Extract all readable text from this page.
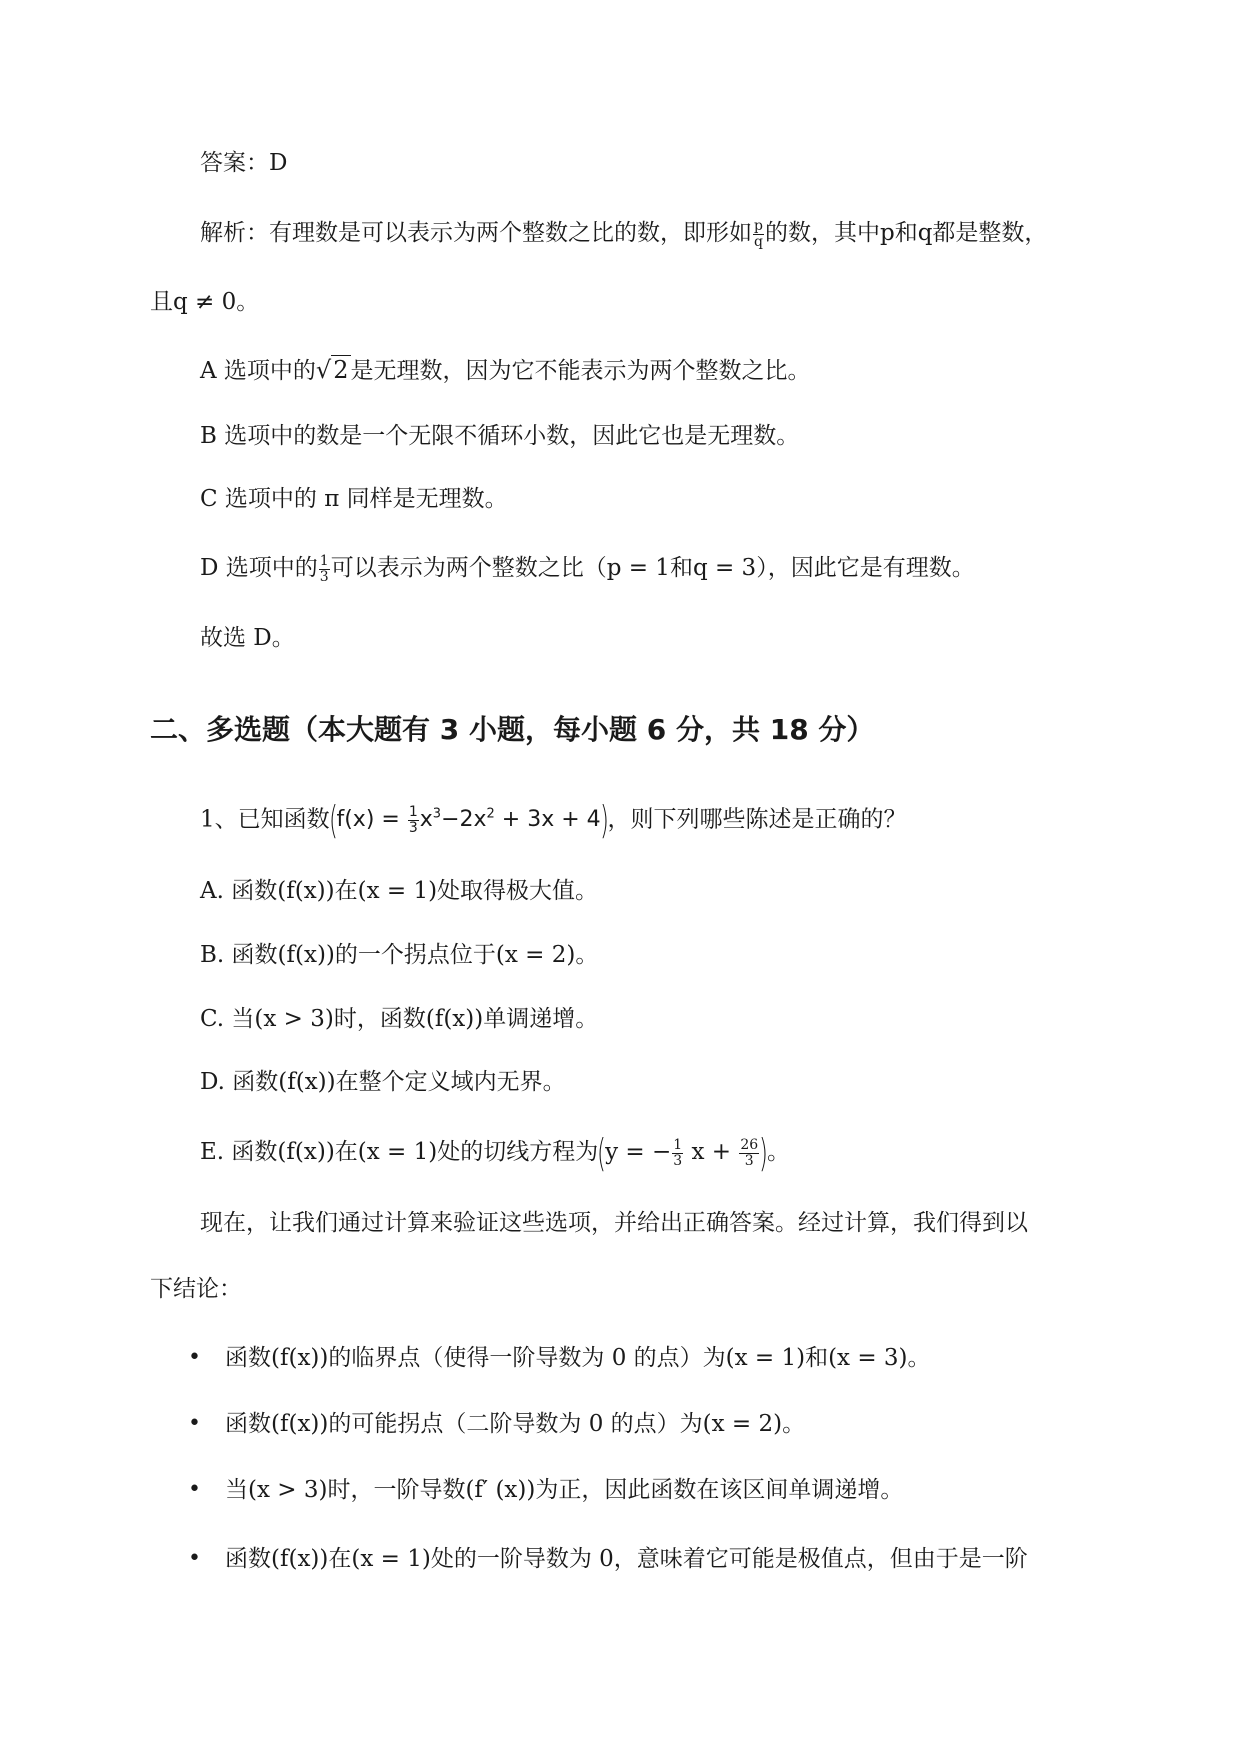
答案：D
解析：有理数是可以表示为两个整数之比的数，即形如 $\frac{p}{q}$ 的数，其中p和q都是整数，
且q ≠ 0。
A 选项中的√2是无理数，因为它不能表示为两个整数之比。
B 选项中的数是一个无限不循环小数，因此它也是无理数。
C 选项中的 π 同样是无理数。
D 选项中的 $\frac{1}{3}$ 可以表示为两个整数之比（p = 1和q = 3），因此它是有理数。
故选 D。
二、多选题（本大题有 3 小题，每小题 6 分，共 18 分）
1、已知函数$(f(x) = \frac{1}{3} x^3-2x^2 + 3x + 4)$，则下列哪些陈述是正确的？
A. 函数(f(x))在(x = 1)处取得极大值。
B. 函数(f(x))的一个拐点位于(x = 2)。
C. 当(x > 3)时，函数(f(x))单调递增。
D. 函数(f(x))在整个定义域内无界。
E. 函数(f(x))在(x = 1)处的切线方程为(y = − $\frac{1}{3}$ $x + \frac{26}{3}$ )。
现在，让我们通过计算来验证这些选项，并给出正确答案。经过计算，我们得到以
下结论：
• 函数(f(x))的临界点（使得一阶导数为 0 的点）为(x = 1)和(x = 3)。
• 函数(f(x))的可能拐点（二阶导数为 0 的点）为(x = 2)。
• 当(x > 3)时，一阶导数(f′ (x))为正，因此函数在该区间单调递增。
• 函数(f(x))在(x = 1)处的一阶导数为 0，意味着它可能是极值点，但由于是一阶
